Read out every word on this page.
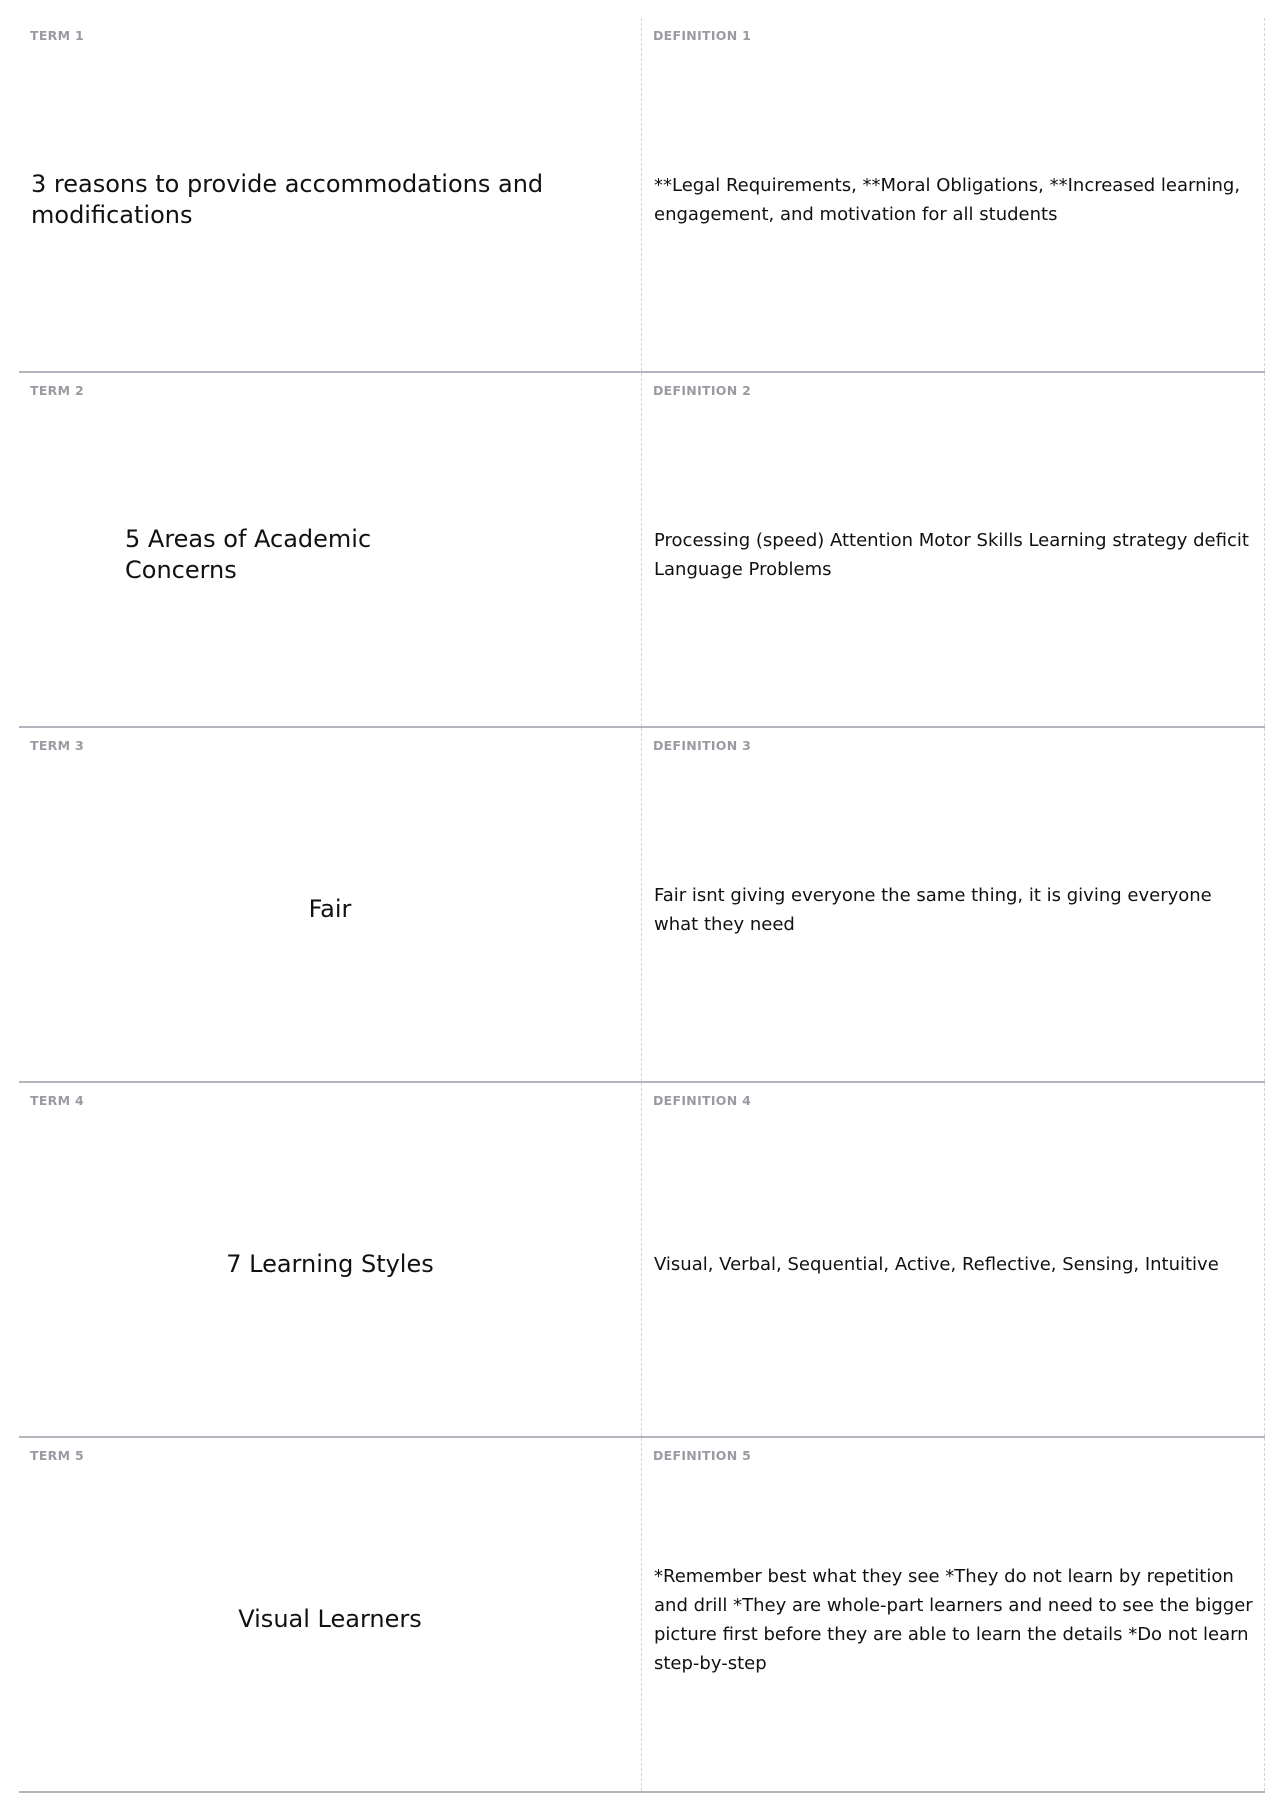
TERM 1
3 reasons to provide accommodations and modifications
DEFINITION 1
**Legal Requirements, **Moral Obligations, **Increased learning, engagement, and motivation for all students
TERM 2
5 Areas of Academic Concerns
DEFINITION 2
Processing (speed) Attention Motor Skills Learning strategy deficit Language Problems
TERM 3
Fair
DEFINITION 3
Fair isnt giving everyone the same thing, it is giving everyone what they need
TERM 4
7 Learning Styles
DEFINITION 4
Visual, Verbal, Sequential, Active, Reflective, Sensing, Intuitive
TERM 5
Visual Learners
DEFINITION 5
*Remember best what they see *They do not learn by repetition and drill *They are whole-part learners and need to see the bigger picture first before they are able to learn the details *Do not learn step-by-step
